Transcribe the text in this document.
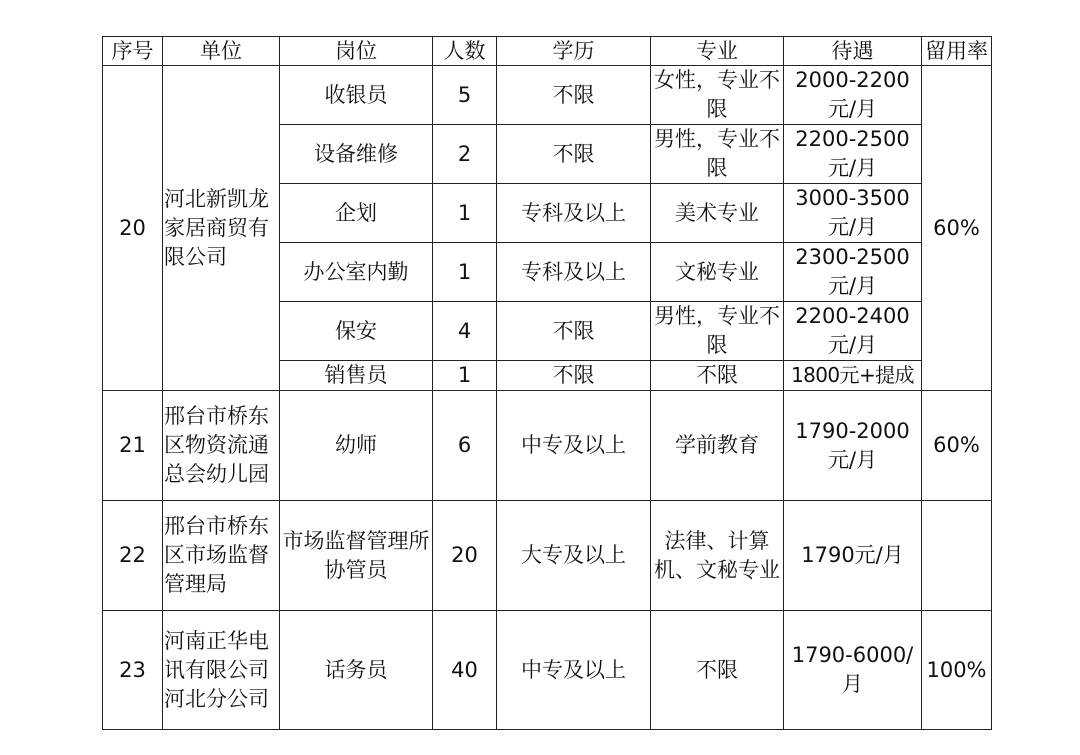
序号	单位	岗位	人数	学历	专业	待遇	留用率
20	河北新凯龙家居商贸有限公司	收银员	5	不限	女性，专业不限	2000-2200元/月	60%
		设备维修	2	不限	男性，专业不限	2200-2500元/月	
		企划	1	专科及以上	美术专业	3000-3500元/月	
		办公室内勤	1	专科及以上	文秘专业	2300-2500元/月	
		保安	4	不限	男性，专业不限	2200-2400元/月	
		销售员	1	不限	不限	1800元+提成	
21	邢台市桥东区物资流通总会幼儿园	幼师	6	中专及以上	学前教育	1790-2000元/月	60%
22	邢台市桥东区市场监督管理局	市场监督管理所协管员	20	大专及以上	法律、计算机、文秘专业	1790元/月	
23	河南正华电讯有限公司河北分公司	话务员	40	中专及以上	不限	1790-6000/月	100%
